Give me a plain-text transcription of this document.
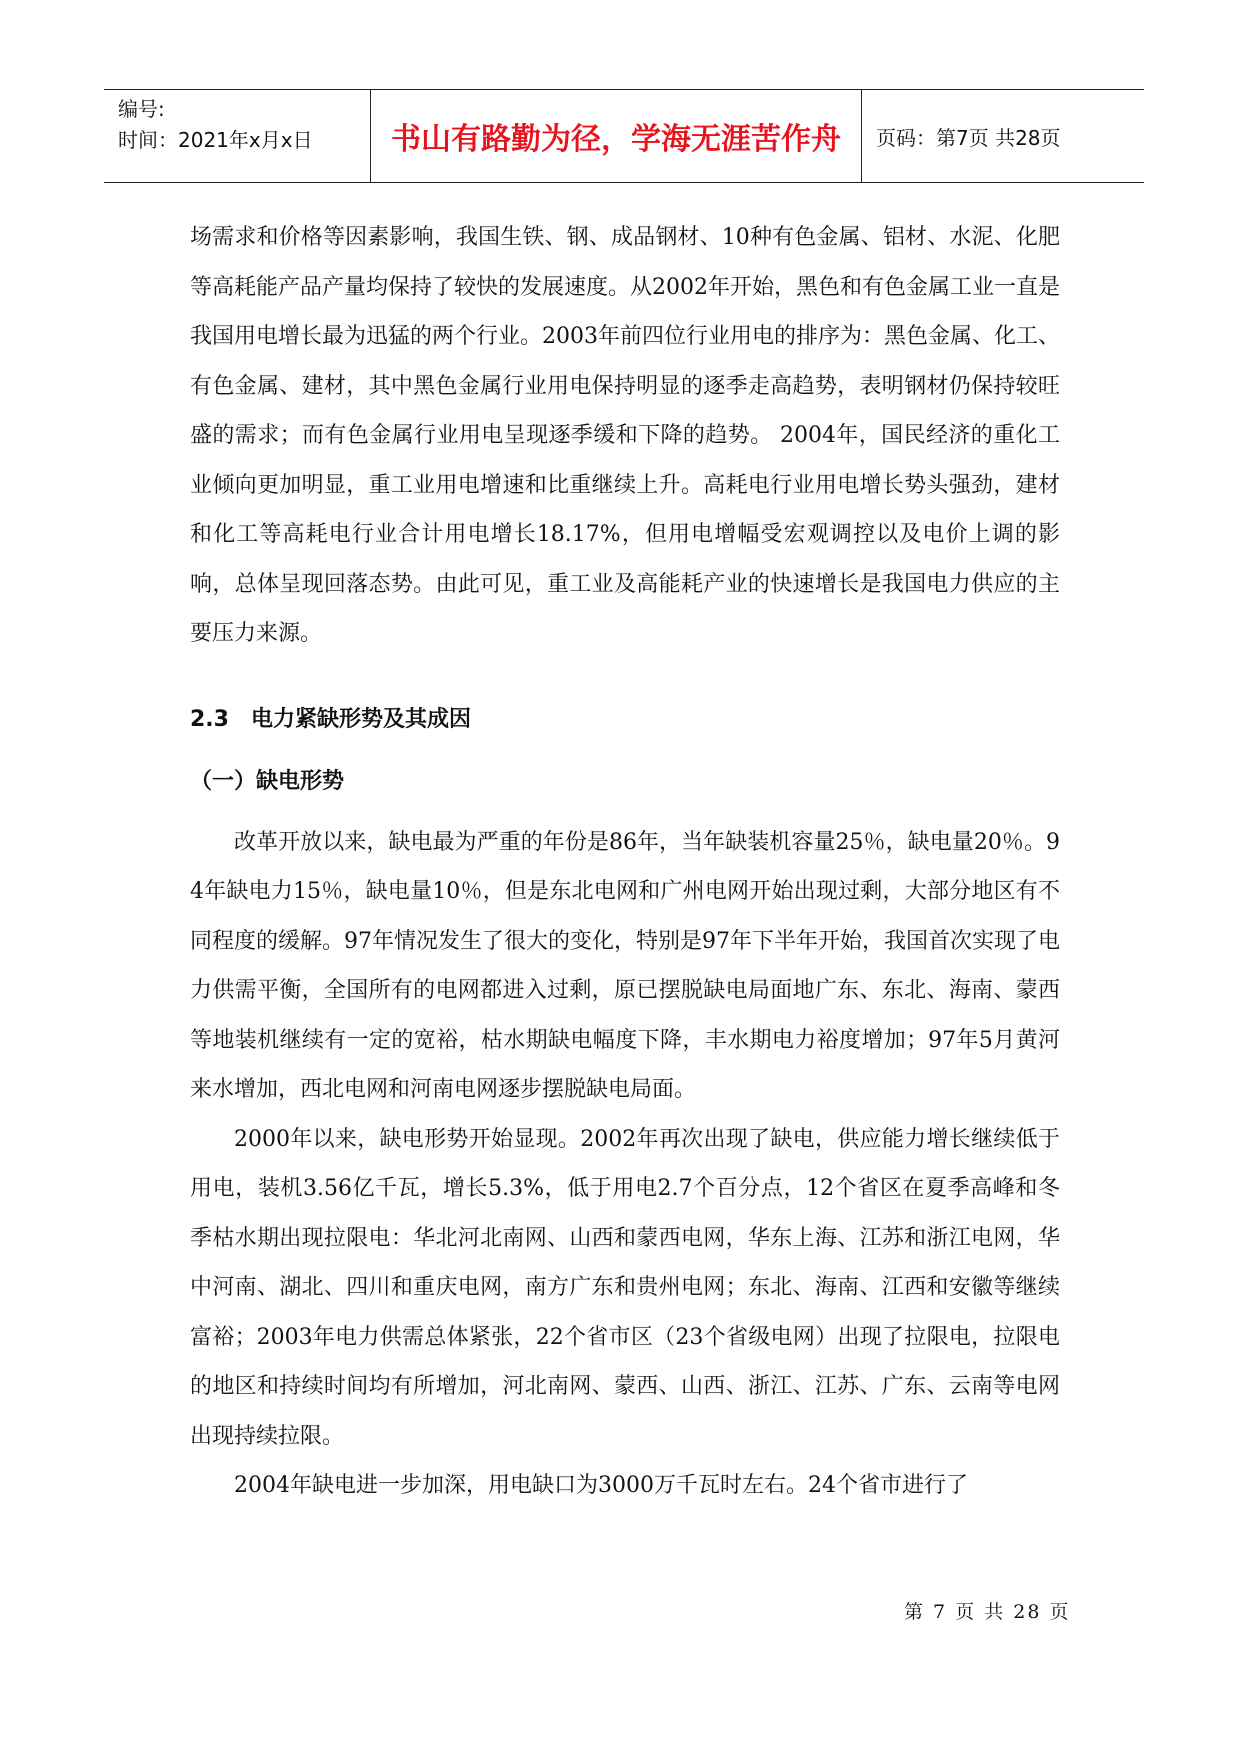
编号:
时间：2021年x月x日	书山有路勤为径，学海无涯苦作舟	页码：第7页 共28页

场需求和价格等因素影响，我国生铁、钢、成品钢材、10种有色金属、铝材、水泥、化肥等高耗能产品产量均保持了较快的发展速度。从2002年开始，黑色和有色金属工业一直是我国用电增长最为迅猛的两个行业。2003年前四位行业用电的排序为：黑色金属、化工、有色金属、建材，其中黑色金属行业用电保持明显的逐季走高趋势，表明钢材仍保持较旺盛的需求；而有色金属行业用电呈现逐季缓和下降的趋势。 2004年，国民经济的重化工业倾向更加明显，重工业用电增速和比重继续上升。高耗电行业用电增长势头强劲，建材和化工等高耗电行业合计用电增长18.17%，但用电增幅受宏观调控以及电价上调的影响，总体呈现回落态势。由此可见，重工业及高能耗产业的快速增长是我国电力供应的主要压力来源。

2.3　电力紧缺形势及其成因

（一）缺电形势

改革开放以来，缺电最为严重的年份是86年，当年缺装机容量25％，缺电量20％。94年缺电力15％，缺电量10％，但是东北电网和广州电网开始出现过剩，大部分地区有不同程度的缓解。97年情况发生了很大的变化，特别是97年下半年开始，我国首次实现了电力供需平衡，全国所有的电网都进入过剩，原已摆脱缺电局面地广东、东北、海南、蒙西等地装机继续有一定的宽裕，枯水期缺电幅度下降，丰水期电力裕度增加；97年5月黄河来水增加，西北电网和河南电网逐步摆脱缺电局面。

2000年以来，缺电形势开始显现。2002年再次出现了缺电，供应能力增长继续低于用电，装机3.56亿千瓦，增长5.3%，低于用电2.7个百分点，12个省区在夏季高峰和冬季枯水期出现拉限电：华北河北南网、山西和蒙西电网，华东上海、江苏和浙江电网，华中河南、湖北、四川和重庆电网，南方广东和贵州电网；东北、海南、江西和安徽等继续富裕；2003年电力供需总体紧张，22个省市区（23个省级电网）出现了拉限电，拉限电的地区和持续时间均有所增加，河北南网、蒙西、山西、浙江、江苏、广东、云南等电网出现持续拉限。

2004年缺电进一步加深，用电缺口为3000万千瓦时左右。24个省市进行了

第 7 页 共 28 页
